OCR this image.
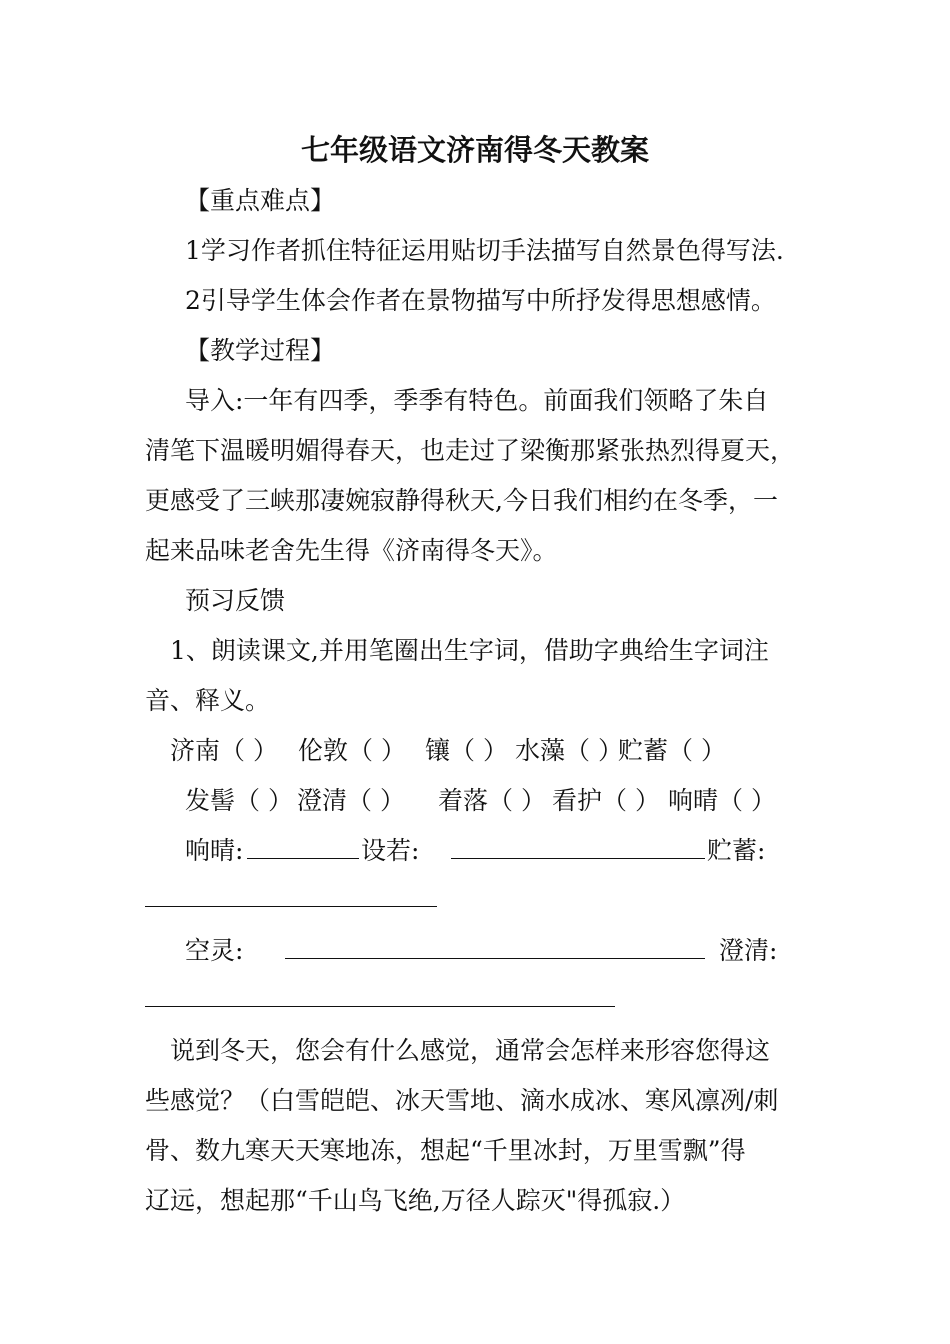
七年级语文济南得冬天教案
【重点难点】
1学习作者抓住特征运用贴切手法描写自然景色得写法.
2引导学生体会作者在景物描写中所抒发得思想感情。
【教学过程】
导入:一年有四季，季季有特色。前面我们领略了朱自
清笔下温暖明媚得春天，也走过了梁衡那紧张热烈得夏天，
更感受了三峡那凄婉寂静得秋天,今日我们相约在冬季，一
起来品味老舍先生得《济南得冬天》。
预习反馈
1、朗读课文,并用笔圈出生字词，借助字典给生字词注
音、释义。
济南（ ） 伦敦（ ） 镶（ ） 水藻（ ）
贮蓄（ ）
发髻（ ） 澄清（ ） 着落（ ） 看护（ ） 响晴（ ）
响晴:	设若:	贮蓄:
空灵:	澄清:
说到冬天，您会有什么感觉，通常会怎样来形容您得这
些感觉？（白雪皑皑、冰天雪地、滴水成冰、寒风凛冽/刺
骨、数九寒天天寒地冻，想起“千里冰封，万里雪飘”得
辽远，想起那“千山鸟飞绝,万径人踪灭"得孤寂.）
